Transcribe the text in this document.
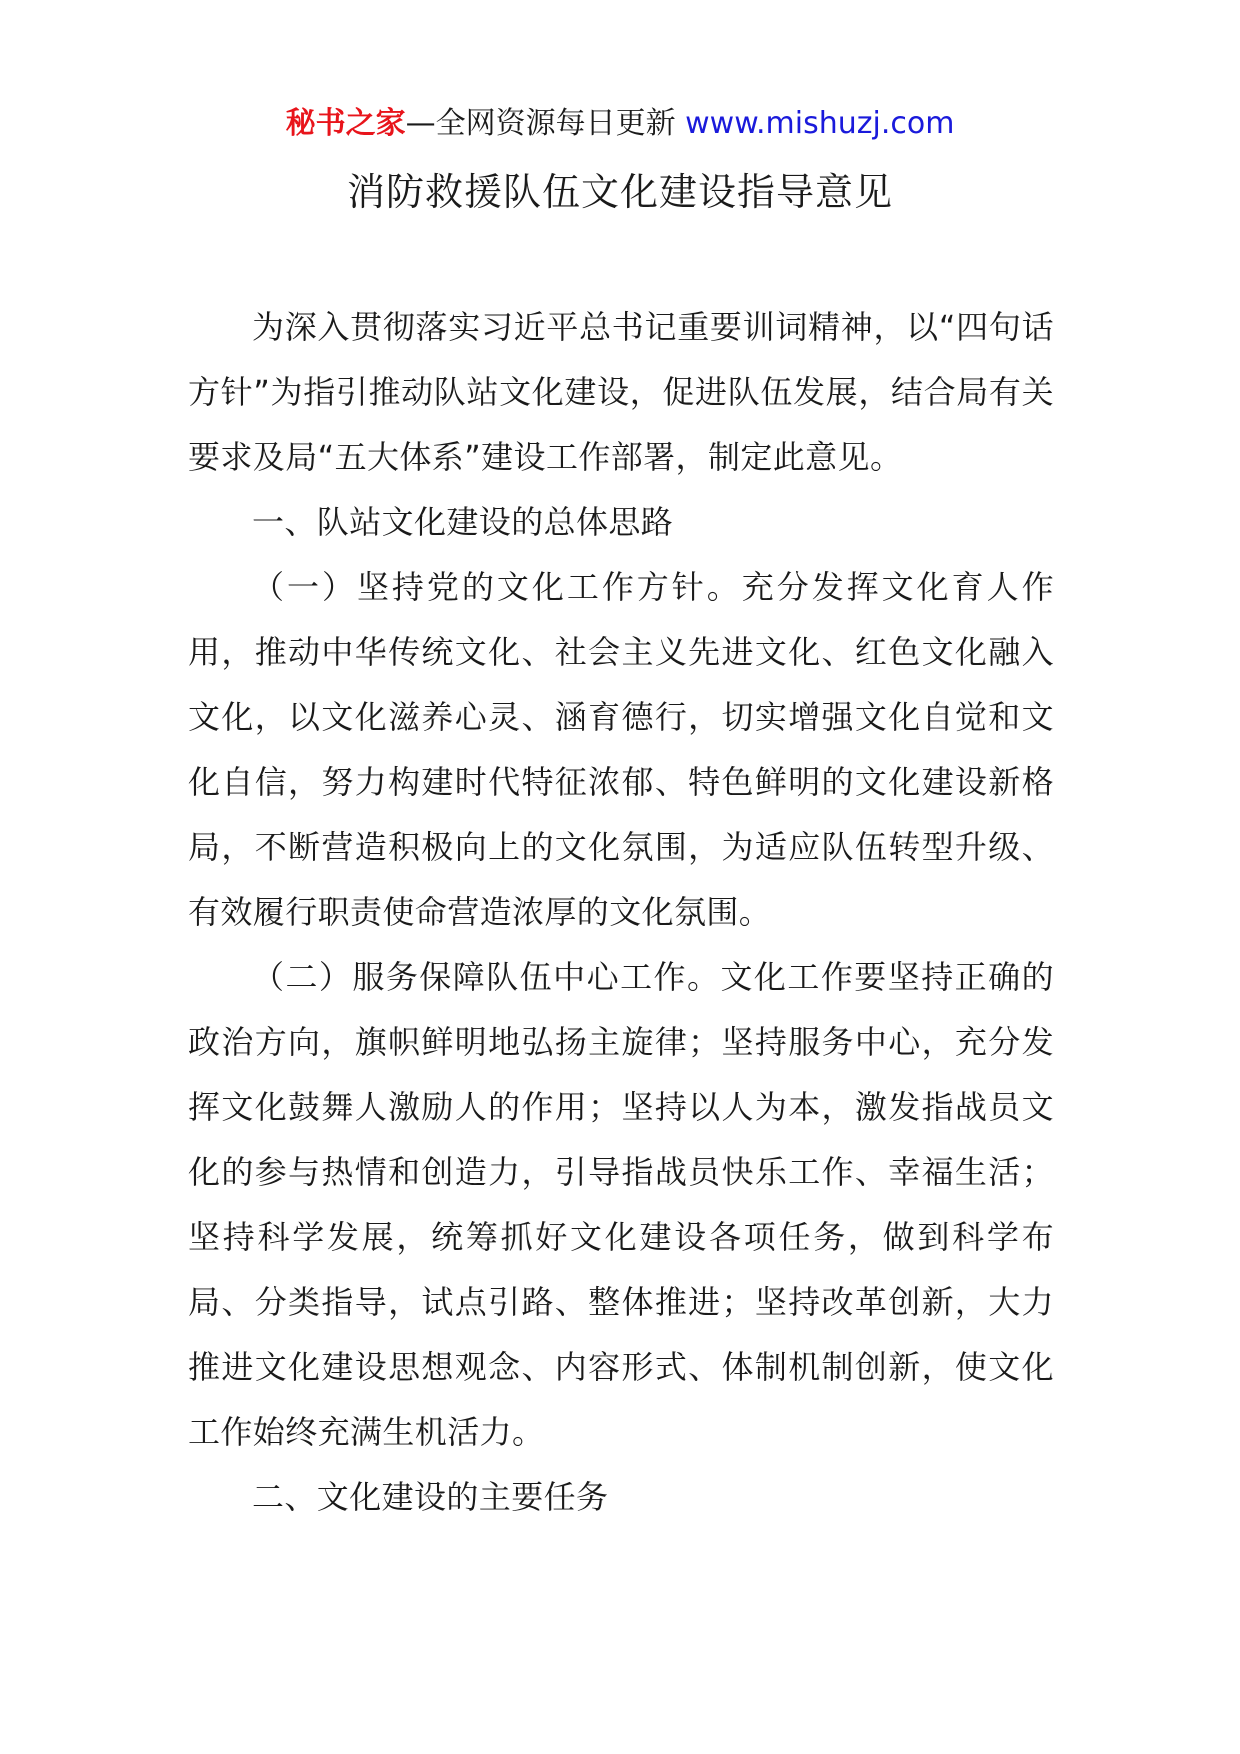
秘书之家—全网资源每日更新 www.mishuzj.com
消防救援队伍文化建设指导意见

为深入贯彻落实习近平总书记重要训词精神，以“四句话方针”为指引推动队站文化建设，促进队伍发展，结合局有关要求及局“五大体系”建设工作部署，制定此意见。

一、队站文化建设的总体思路

（一）坚持党的文化工作方针。充分发挥文化育人作用，推动中华传统文化、社会主义先进文化、红色文化融入文化，以文化滋养心灵、涵育德行，切实增强文化自觉和文化自信，努力构建时代特征浓郁、特色鲜明的文化建设新格局，不断营造积极向上的文化氛围，为适应队伍转型升级、有效履行职责使命营造浓厚的文化氛围。

（二）服务保障队伍中心工作。文化工作要坚持正确的政治方向，旗帜鲜明地弘扬主旋律；坚持服务中心，充分发挥文化鼓舞人激励人的作用；坚持以人为本，激发指战员文化的参与热情和创造力，引导指战员快乐工作、幸福生活；坚持科学发展，统筹抓好文化建设各项任务，做到科学布局、分类指导，试点引路、整体推进；坚持改革创新，大力推进文化建设思想观念、内容形式、体制机制创新，使文化工作始终充满生机活力。

二、文化建设的主要任务
